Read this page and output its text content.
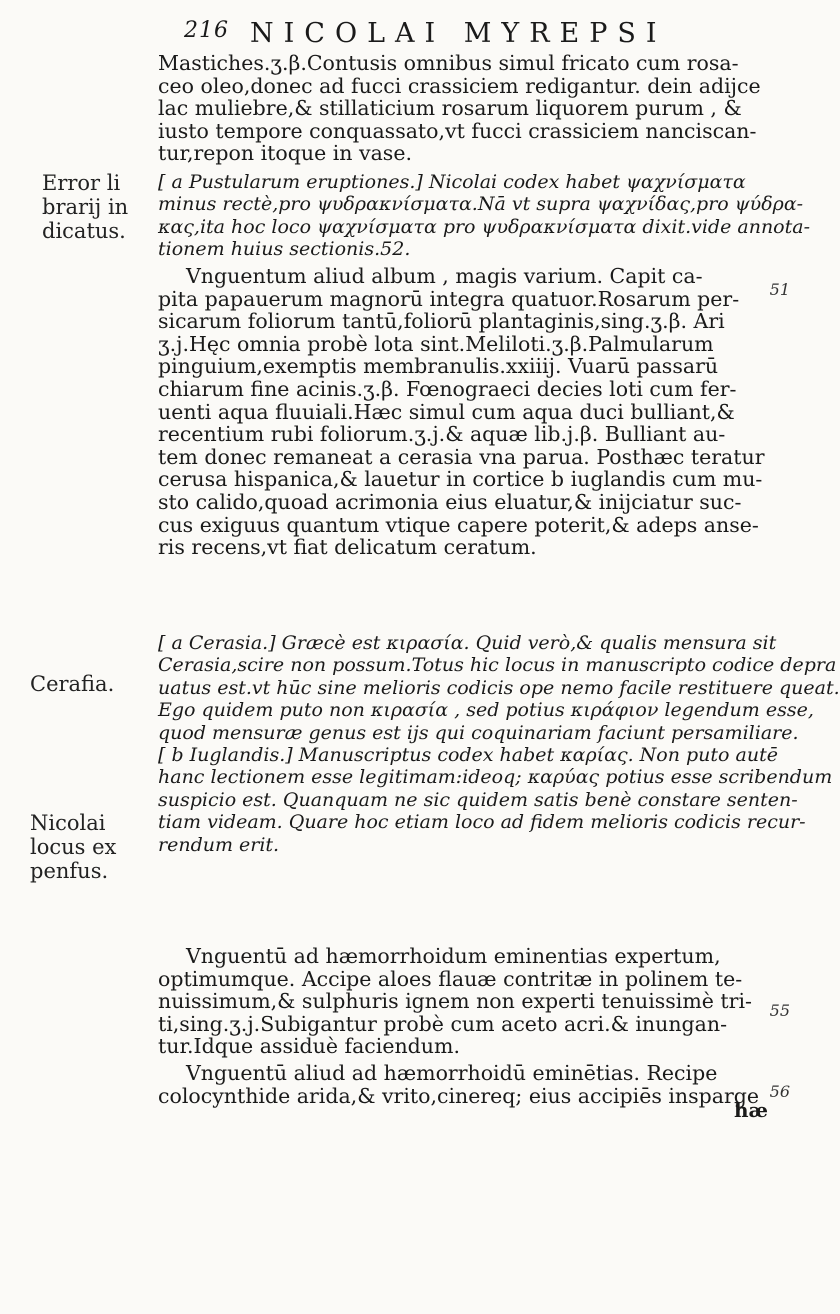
216 NICOLAI MYREPSI
Error li
brarij in
dicatus.
Cerafia.
Nicolai
locus ex
penfus.
51
55
56
Mastiches.ʒ.β.Contusis omnibus simul fricato cum rosa-
ceo oleo,donec ad fucci crassiciem redigantur. dein adijce
lac muliebre,& stillaticium rosarum liquorem purum , &
iusto tempore conquassato,vt fucci crassiciem nanciscan-
tur,repon itoque in vase.
[ a Pustularum eruptiones.] Nicolai codex habet ψαχνίσματα
minus rectè,pro ψυδρακνίσματα.Nā vt supra ψαχνίδας,pro ψύδρα-
κας,ita hoc loco ψαχνίσματα pro ψυδρακνίσματα dixit.vide annota-
tionem huius sectionis.52.
Vnguentum aliud album , magis varium. Capit ca-
pita papauerum magnorū integra quatuor.Rosarum per-
sicarum foliorum tantū,foliorū plantaginis,sing.ʒ.β. Ari
ʒ.j.Hęc omnia probè lota sint.Meliloti.ʒ.β.Palmularum
pinguium,exemptis membranulis.xxiiij. Vuarū passarū
chiarum fine acinis.ʒ.β. Fœnograeci decies loti cum fer-
uenti aqua fluuiali.Hæc simul cum aqua duci bulliant,&
recentium rubi foliorum.ʒ.j.& aquæ lib.j.β. Bulliant au-
tem donec remaneat a cerasia vna parua. Posthæc teratur
cerusa hispanica,& lauetur in cortice b iuglandis cum mu-
sto calido,quoad acrimonia eius eluatur,& inijciatur suc-
cus exiguus quantum vtique capere poterit,& adeps anse-
ris recens,vt fiat delicatum ceratum.
[ a Cerasia.] Græcè est κιρασία. Quid verò,& qualis mensura sit
Cerasia,scire non possum.Totus hic locus in manuscripto codice depra
uatus est.vt hūc sine melioris codicis ope nemo facile restituere queat.
Ego quidem puto non κιρασία , sed potius κιράφιον legendum esse,
quod mensuræ genus est ijs qui coquinariam faciunt persamiliare.
[ b Iuglandis.] Manuscriptus codex habet καρίας. Non puto autē
hanc lectionem esse legitimam:ideoq; καρύας potius esse scribendum
suspicio est. Quanquam ne sic quidem satis benè constare senten-
tiam videam. Quare hoc etiam loco ad fidem melioris codicis recur-
rendum erit.
Vnguentū ad hæmorrhoidum eminentias expertum,
optimumque. Accipe aloes flauæ contritæ in polinem te-
nuissimum,& sulphuris ignem non experti tenuissimè tri-
ti,sing.ʒ.j.Subigantur probè cum aceto acri.& inungan-
tur.Idque assiduè faciendum.
Vnguentū aliud ad hæmorrhoidū eminētias. Recipe
colocynthide arida,& vrito,cinereq; eius accipiēs insparge
hæ
